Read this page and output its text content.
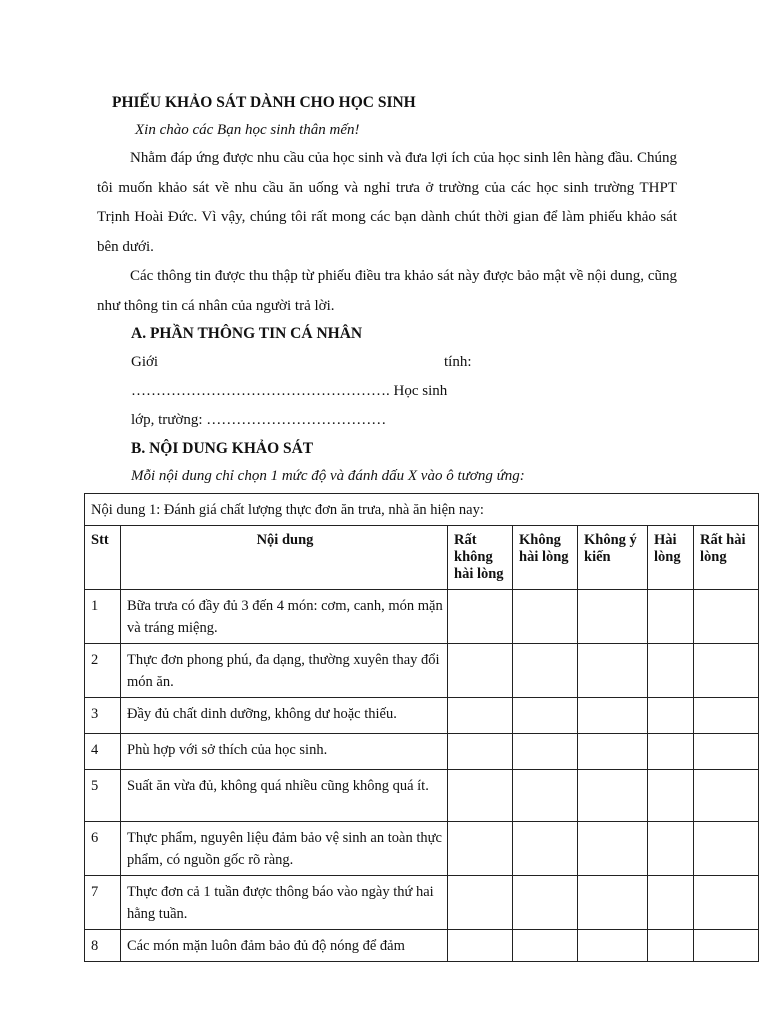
PHIẾU KHẢO SÁT DÀNH CHO HỌC SINH
Xin chào các Bạn học sinh thân mến!

Nhằm đáp ứng được nhu cầu của học sinh và đưa lợi ích của học sinh lên hàng đầu. Chúng tôi muốn khảo sát về nhu cầu ăn uống và nghỉ trưa ở trường của các học sinh trường THPT Trịnh Hoài Đức. Vì vậy, chúng tôi rất mong các bạn dành chút thời gian để làm phiếu khảo sát bên dưới.

Các thông tin được thu thập từ phiếu điều tra khảo sát này được bảo mật về nội dung, cũng như thông tin cá nhân của người trả lời.

A. PHẦN THÔNG TIN CÁ NHÂN
Giới	tính:
……………………………………………. Học sinh
lớp, trường: ………………………………
B. NỘI DUNG KHẢO SÁT
Mỗi nội dung chỉ chọn 1 mức độ và đánh dấu X vào ô tương ứng:
Nội dung 1: Đánh giá chất lượng thực đơn ăn trưa, nhà ăn hiện nay:						
Stt	Nội dung	Rất không hài lòng	Không hài lòng	Không ý kiến	Hài lòng	Rất hài lòng
1	Bữa trưa có đầy đủ 3 đến 4 món: cơm, canh, món mặn và tráng miệng.					
2	Thực đơn phong phú, đa dạng, thường xuyên thay đổi món ăn.					
3	Đầy đủ chất dinh dưỡng, không dư hoặc thiếu.					
4	Phù hợp với sở thích của học sinh.					
5	Suất ăn vừa đủ, không quá nhiều cũng không quá ít.					
6	Thực phẩm, nguyên liệu đảm bảo vệ sinh an toàn thực phẩm, có nguồn gốc rõ ràng.					
7	Thực đơn cả 1 tuần được thông báo vào ngày thứ hai hằng tuần.					
8	Các món mặn luôn đảm bảo đủ độ nóng để đảm					
